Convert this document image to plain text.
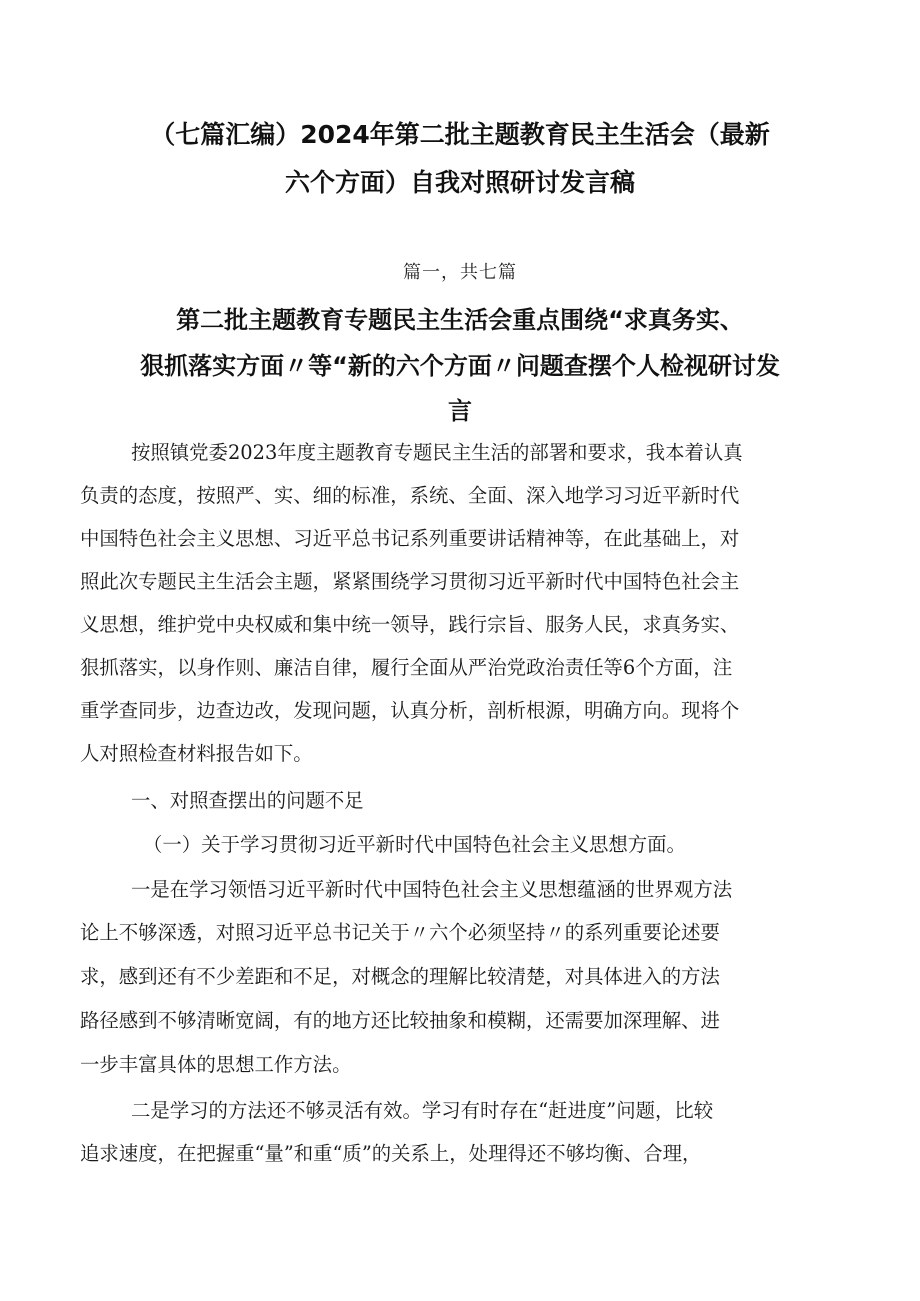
（七篇汇编）2024年第二批主题教育民主生活会（最新
六个方面）自我对照研讨发言稿
篇一，共七篇
第二批主题教育专题民主生活会重点围绕“求真务实、
狠抓落实方面〃等“新的六个方面〃问题查摆个人检视研讨发
言
按照镇党委2023年度主题教育专题民主生活的部署和要求，我本着认真
负责的态度，按照严、实、细的标准，系统、全面、深入地学习习近平新时代
中国特色社会主义思想、习近平总书记系列重要讲话精神等，在此基础上，对
照此次专题民主生活会主题，紧紧围绕学习贯彻习近平新时代中国特色社会主
义思想，维护党中央权威和集中统一领导，践行宗旨、服务人民，求真务实、
狠抓落实，以身作则、廉洁自律，履行全面从严治党政治责任等6个方面，注
重学查同步，边查边改，发现问题，认真分析，剖析根源，明确方向。现将个
人对照检查材料报告如下。
一、对照查摆出的问题不足
（一）关于学习贯彻习近平新时代中国特色社会主义思想方面。
一是在学习领悟习近平新时代中国特色社会主义思想蕴涵的世界观方法
论上不够深透，对照习近平总书记关于〃六个必须坚持〃的系列重要论述要
求，感到还有不少差距和不足，对概念的理解比较清楚，对具体进入的方法
路径感到不够清晰宽阔，有的地方还比较抽象和模糊，还需要加深理解、进
一步丰富具体的思想工作方法。
二是学习的方法还不够灵活有效。学习有时存在“赶进度”问题，比较
追求速度，在把握重“量”和重“质”的关系上，处理得还不够均衡、合理，
